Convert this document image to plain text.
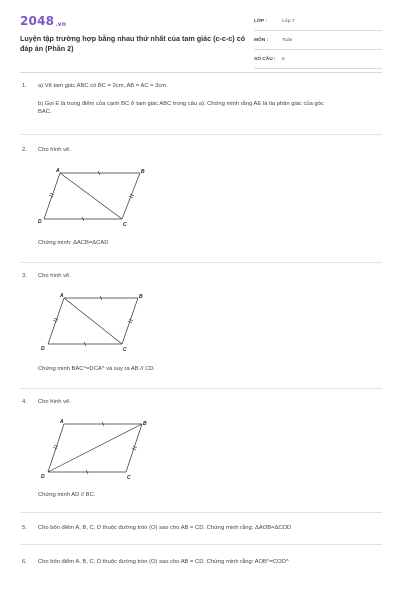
2048.vn
Luyện tập trường hợp bằng nhau thứ nhất của tam giác (c-c-c) có đáp án (Phần 2)
LỚP :	Lớp 7
MÔN :	Toán
SỐ CÂU : 6
1. a) Vẽ tam giác ABC có BC = 2cm, AB = AC = 3cm.
b) Gọi E là trung điểm của cạnh BC ở tam giác ABC trong câu a). Chứng minh rằng AE là tia phân giác của góc BAC.
2. Cho hình vẽ.
A	B
C
D
Chứng minh: ΔACB=ΔCAD
3. Cho hình vẽ.
A	B
C
D
Chứng minh BAC^=DCA^ và suy ra AB // CD.
4. Cho hình vẽ.
A	B
C
D
Chứng minh AD // BC.
5. Cho bốn điểm A, B, C, D thuộc đường tròn (O) sao cho AB = CD. Chứng minh rằng: ΔAOB=ΔCOD
6. Cho bốn điểm A, B, C, D thuộc đường tròn (O) sao cho AB = CD. Chứng minh rằng: AOB^=COD^
